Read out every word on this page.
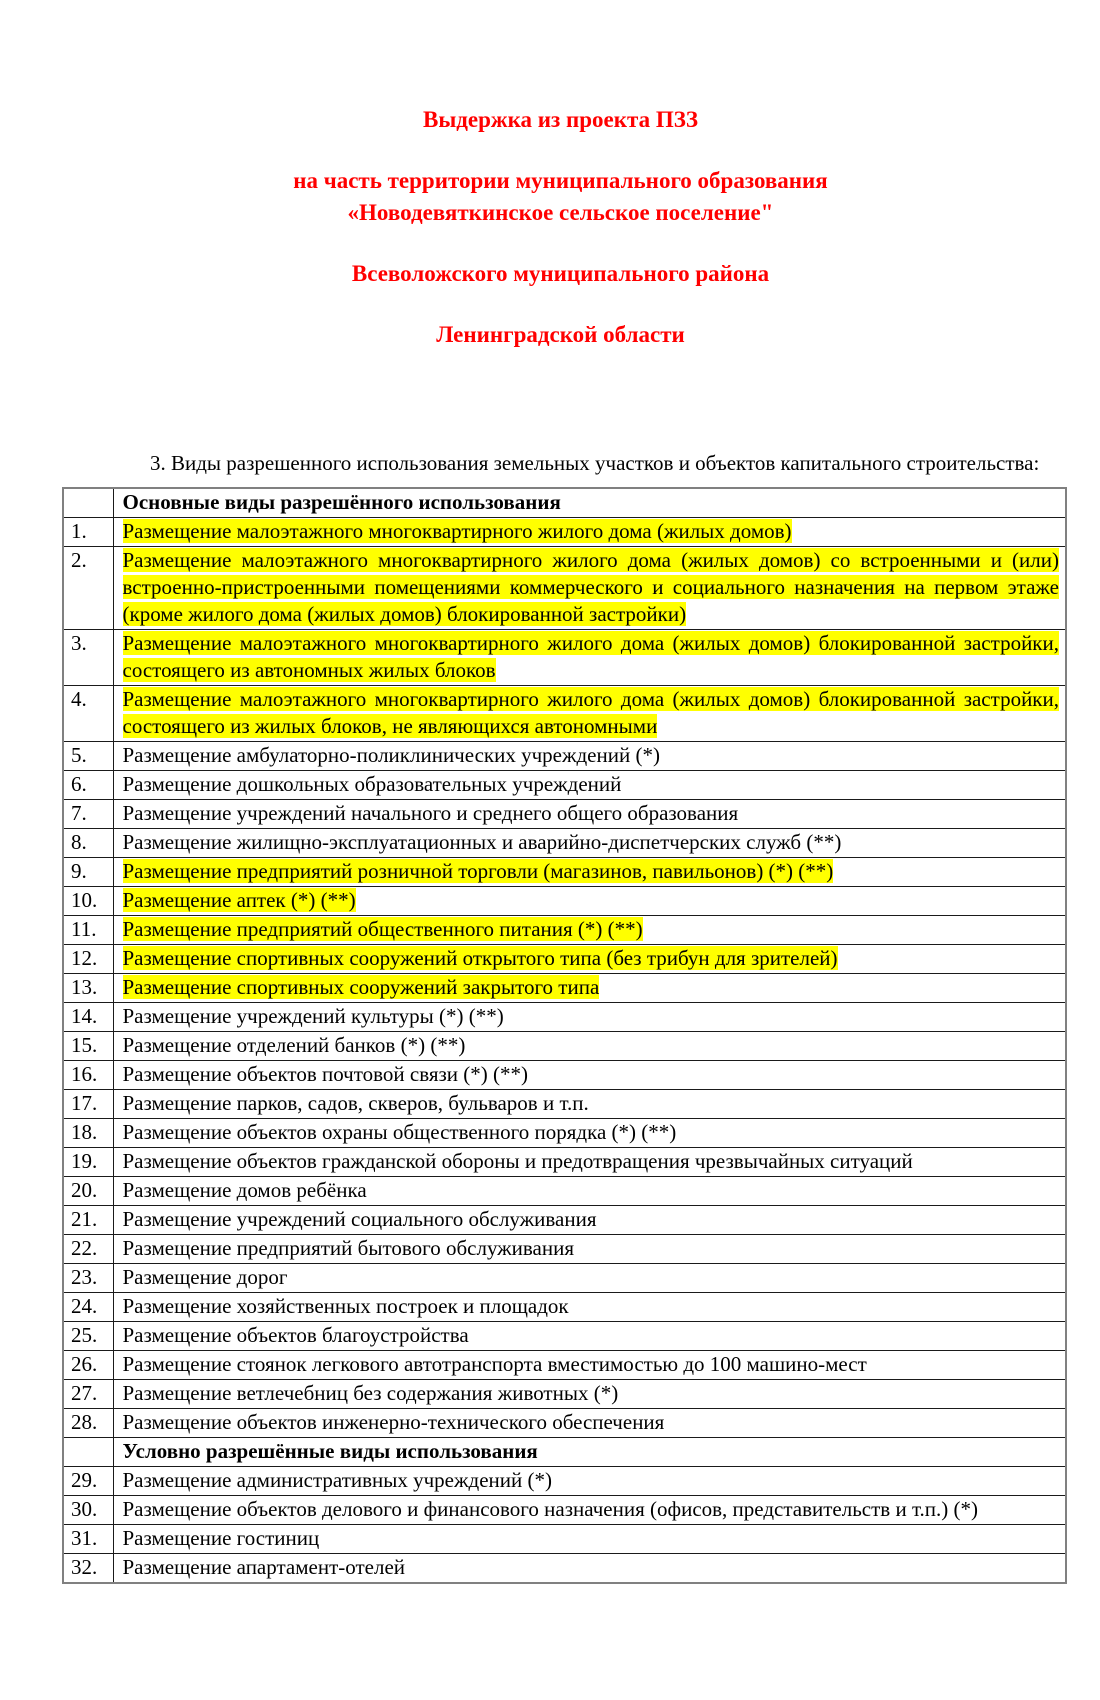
Выдержка из проекта ПЗЗ

на часть территории муниципального образования
«Новодевяткинское сельское поселение"

Всеволожского муниципального района

Ленинградской области

3. Виды разрешенного использования земельных участков и объектов капитального строительства:

	Основные виды разрешённого использования
1.	Размещение малоэтажного многоквартирного жилого дома (жилых домов)
2.	Размещение малоэтажного многоквартирного жилого дома (жилых домов) со встроенными и (или) встроенно-пристроенными помещениями коммерческого и социального назначения на первом этаже (кроме жилого дома (жилых домов) блокированной застройки)
3.	Размещение малоэтажного многоквартирного жилого дома (жилых домов) блокированной застройки, состоящего из автономных жилых блоков
4.	Размещение малоэтажного многоквартирного жилого дома (жилых домов) блокированной застройки, состоящего из жилых блоков, не являющихся автономными
5.	Размещение амбулаторно-поликлинических учреждений (*)
6.	Размещение дошкольных образовательных учреждений
7.	Размещение учреждений начального и среднего общего образования
8.	Размещение жилищно-эксплуатационных и аварийно-диспетчерских служб (**)
9.	Размещение предприятий розничной торговли (магазинов, павильонов) (*) (**)
10.	Размещение аптек (*) (**)
11.	Размещение предприятий общественного питания (*) (**)
12.	Размещение спортивных сооружений открытого типа (без трибун для зрителей)
13.	Размещение спортивных сооружений закрытого типа
14.	Размещение учреждений культуры (*) (**)
15.	Размещение отделений банков (*) (**)
16.	Размещение объектов почтовой связи (*) (**)
17.	Размещение парков, садов, скверов, бульваров и т.п.
18.	Размещение объектов охраны общественного порядка (*) (**)
19.	Размещение объектов гражданской обороны и предотвращения чрезвычайных ситуаций
20.	Размещение домов ребёнка
21.	Размещение учреждений социального обслуживания
22.	Размещение предприятий бытового обслуживания
23.	Размещение дорог
24.	Размещение хозяйственных построек и площадок
25.	Размещение объектов благоустройства
26.	Размещение стоянок легкового автотранспорта вместимостью до 100 машино-мест
27.	Размещение ветлечебниц без содержания животных (*)
28.	Размещение объектов инженерно-технического обеспечения
	Условно разрешённые виды использования
29.	Размещение административных учреждений (*)
30.	Размещение объектов делового и финансового назначения (офисов, представительств и т.п.) (*)
31.	Размещение гостиниц
32.	Размещение апартамент-отелей
